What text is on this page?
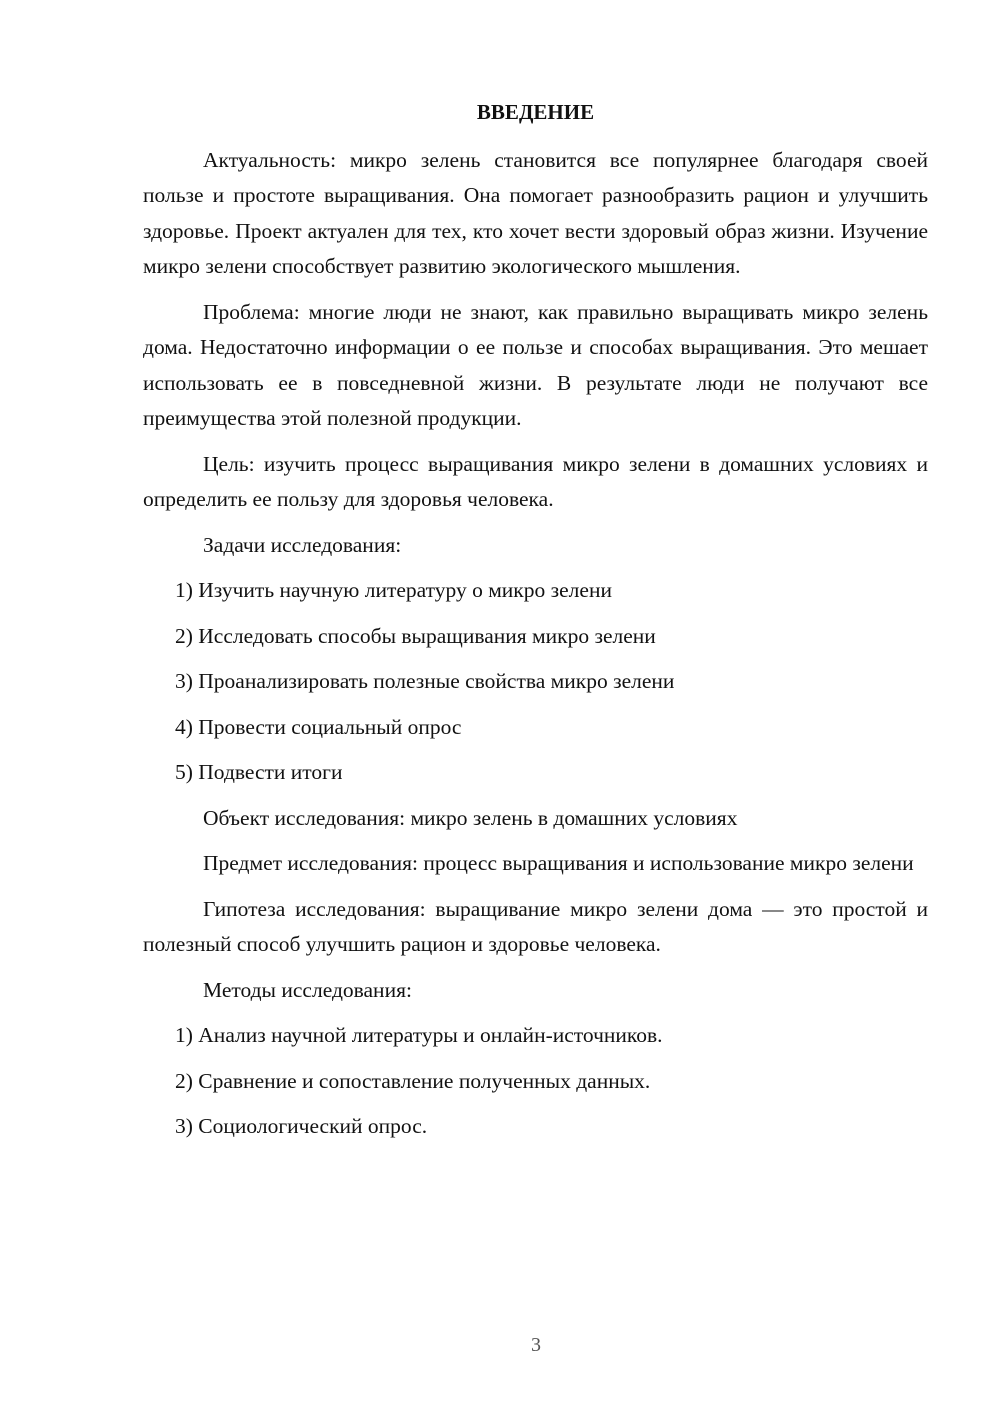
ВВЕДЕНИЕ

Актуальность: микро зелень становится все популярнее благодаря своей пользе и простоте выращивания. Она помогает разнообразить рацион и улучшить здоровье. Проект актуален для тех, кто хочет вести здоровый образ жизни. Изучение микро зелени способствует развитию экологического мышления.

Проблема: многие люди не знают, как правильно выращивать микро зелень дома. Недостаточно информации о ее пользе и способах выращивания. Это мешает использовать ее в повседневной жизни. В результате люди не получают все преимущества этой полезной продукции.

Цель: изучить процесс выращивания микро зелени в домашних условиях и определить ее пользу для здоровья человека.

Задачи исследования:

1) Изучить научную литературу о микро зелени

2) Исследовать способы выращивания микро зелени

3) Проанализировать полезные свойства микро зелени

4) Провести социальный опрос

5) Подвести итоги

Объект исследования: микро зелень в домашних условиях

Предмет исследования: процесс выращивания и использование микро зелени

Гипотеза исследования: выращивание микро зелени дома — это простой и полезный способ улучшить рацион и здоровье человека.

Методы исследования:

1) Анализ научной литературы и онлайн-источников.

2) Сравнение и сопоставление полученных данных.

3) Социологический опрос.

3
